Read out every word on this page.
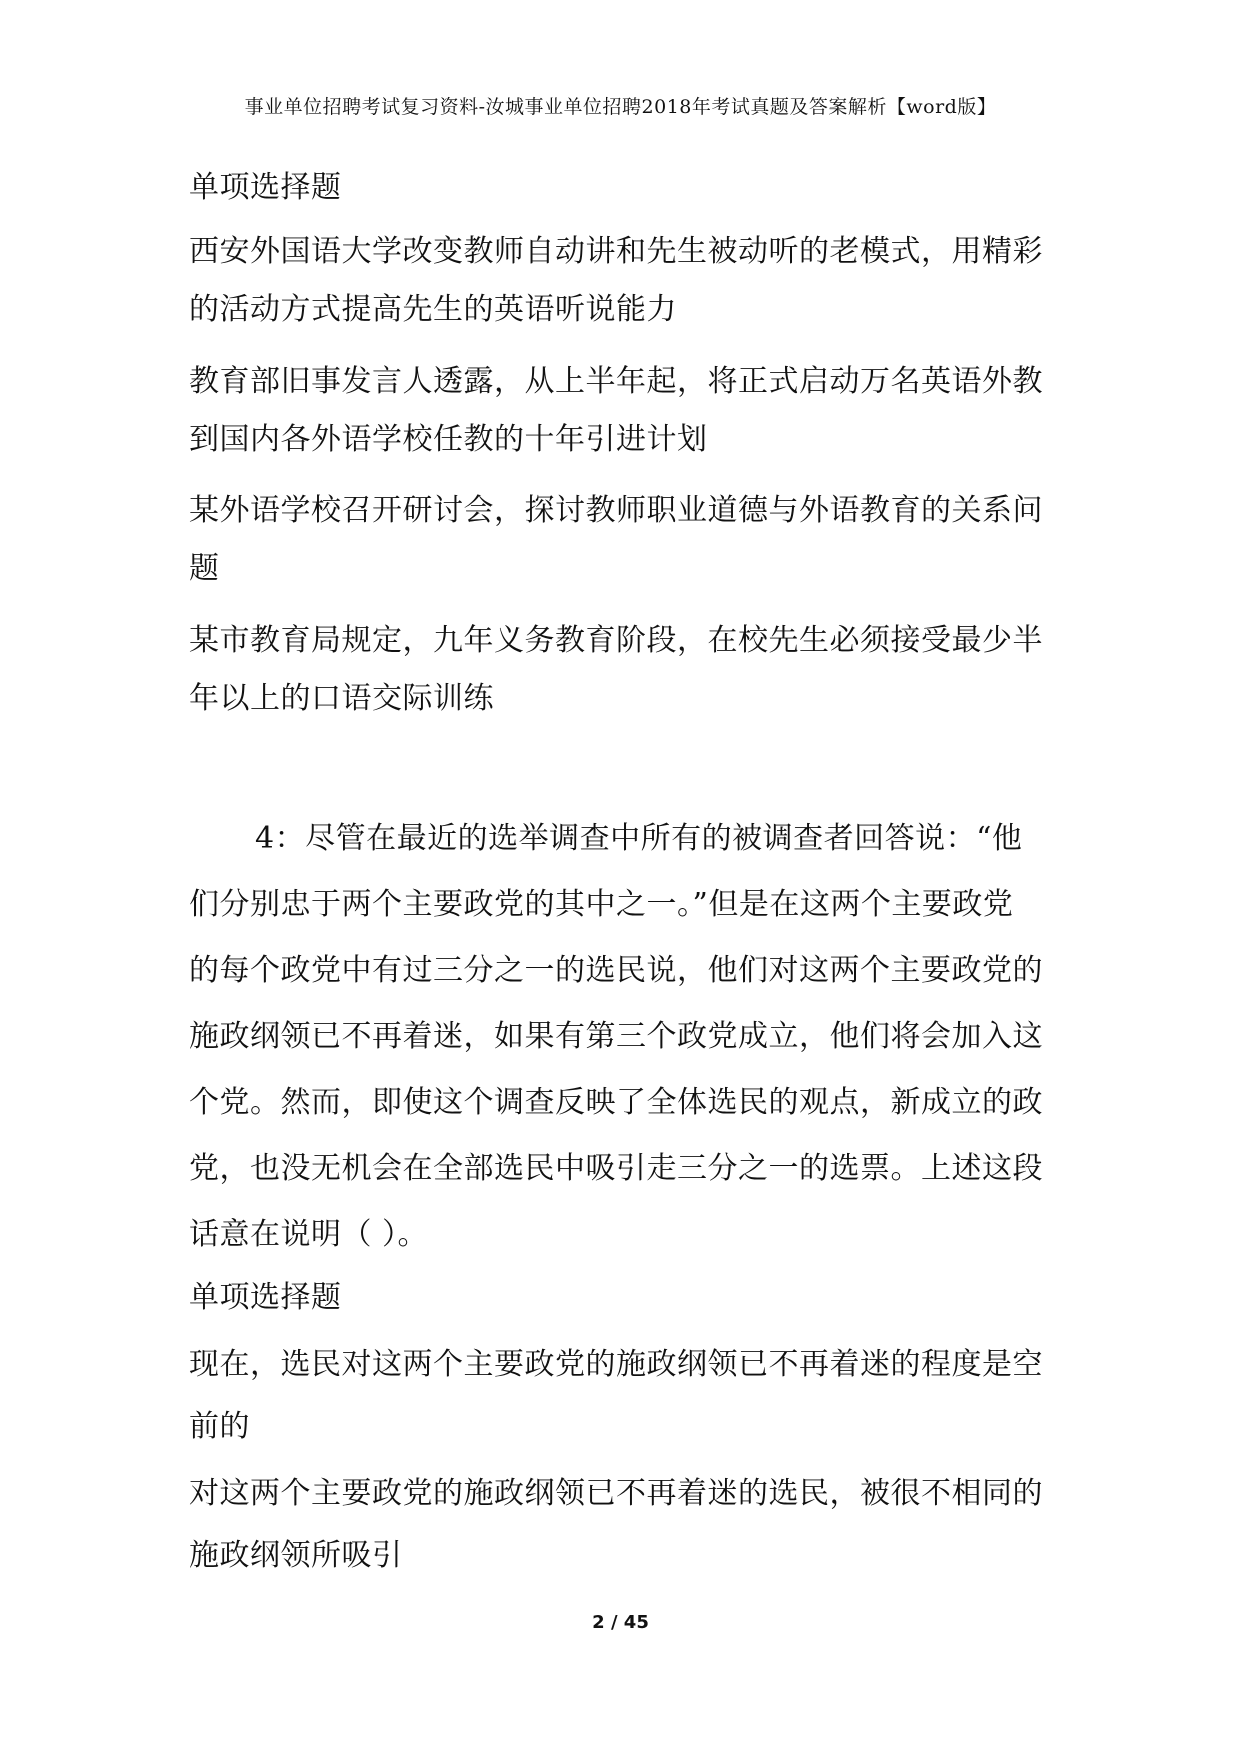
事业单位招聘考试复习资料-汝城事业单位招聘2018年考试真题及答案解析【word版】
单项选择题
西安外国语大学改变教师自动讲和先生被动听的老模式，用精彩
的活动方式提高先生的英语听说能力
教育部旧事发言人透露，从上半年起，将正式启动万名英语外教
到国内各外语学校任教的十年引进计划
某外语学校召开研讨会，探讨教师职业道德与外语教育的关系问
题
某市教育局规定，九年义务教育阶段，在校先生必须接受最少半
年以上的口语交际训练
4：尽管在最近的选举调查中所有的被调查者回答说：“他
们分别忠于两个主要政党的其中之一。”但是在这两个主要政党
的每个政党中有过三分之一的选民说，他们对这两个主要政党的
施政纲领已不再着迷，如果有第三个政党成立，他们将会加入这
个党。然而，即使这个调查反映了全体选民的观点，新成立的政
党，也没无机会在全部选民中吸引走三分之一的选票。上述这段
话意在说明（ ）。
单项选择题
现在，选民对这两个主要政党的施政纲领已不再着迷的程度是空
前的
对这两个主要政党的施政纲领已不再着迷的选民，被很不相同的
施政纲领所吸引
2 / 45
